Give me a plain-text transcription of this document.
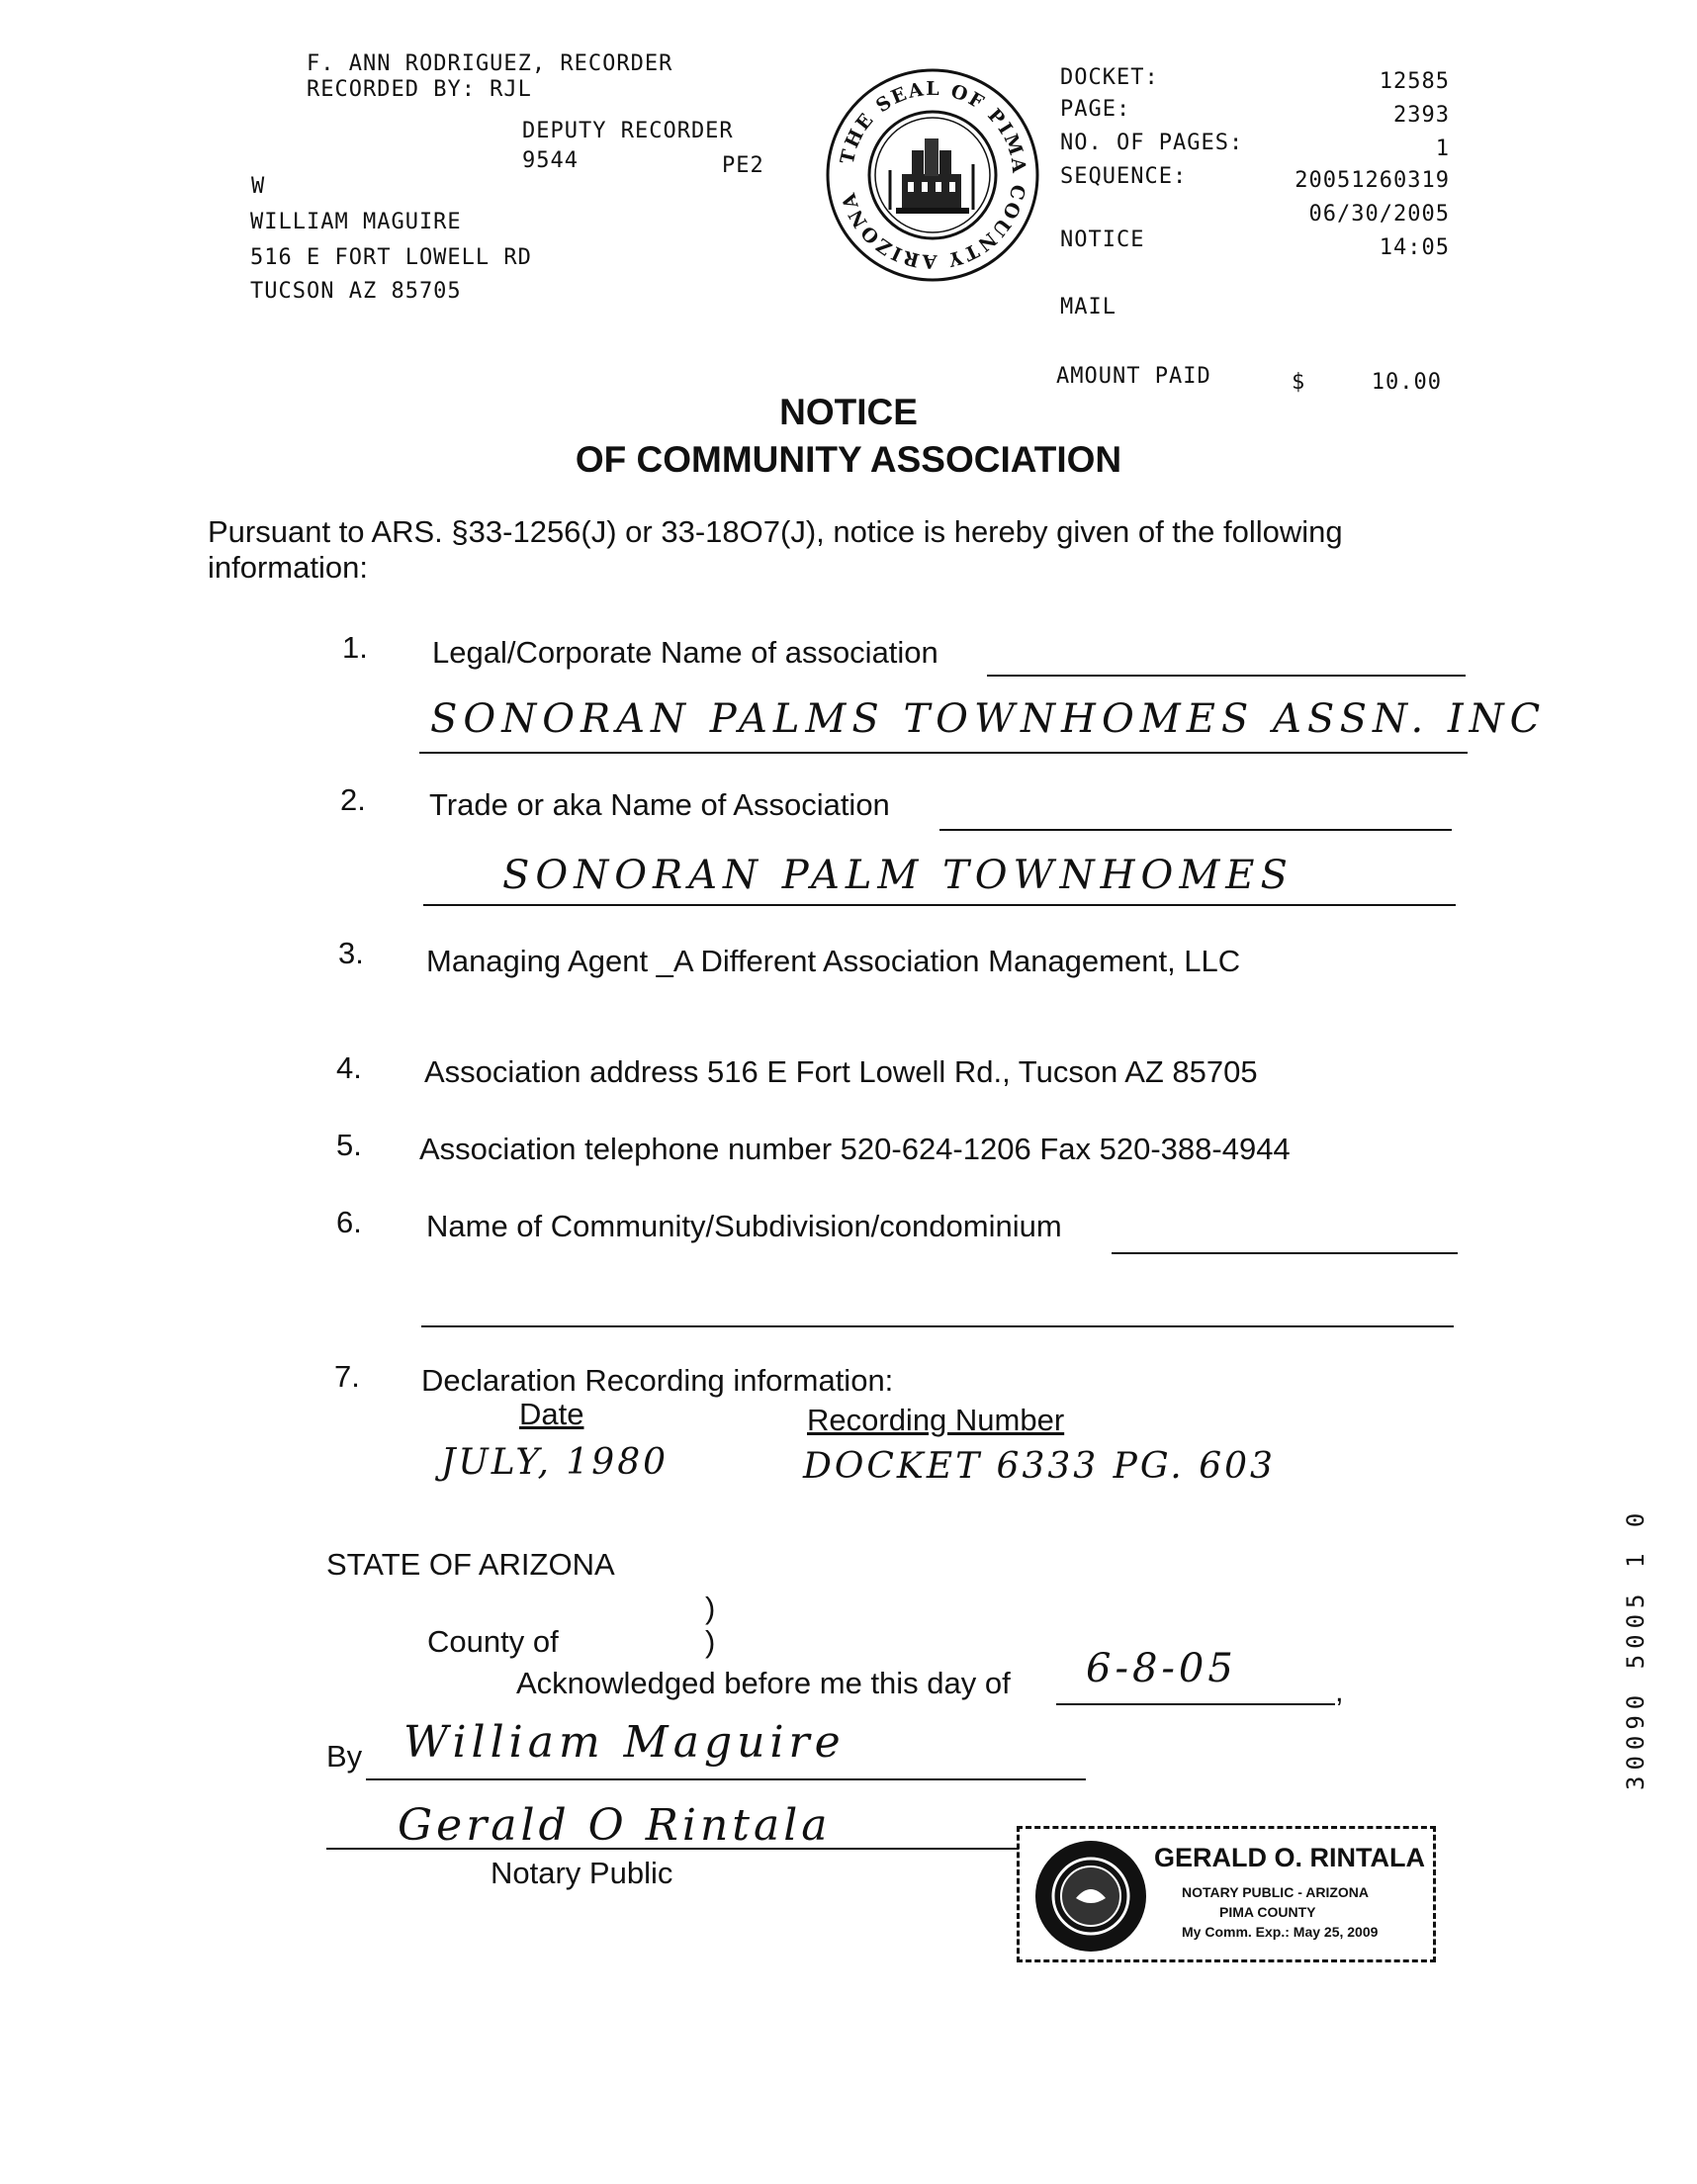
F. ANN RODRIGUEZ, RECORDER
RECORDED BY: RJL
DEPUTY RECORDER
9544	PE2
W
WILLIAM MAGUIRE
516 E FORT LOWELL RD
TUCSON AZ 85705
THE SEAL OF PIMA COUNTY ARIZONA
DOCKET:	12585
PAGE:	2393
NO. OF PAGES:	1
SEQUENCE:	20051260319
06/30/2005
NOTICE	14:05
MAIL
AMOUNT PAID	$	10.00
NOTICE
OF COMMUNITY ASSOCIATION
Pursuant to ARS. §33-1256(J) or 33-18O7(J), notice is hereby given of the following
information:
1. Legal/Corporate Name of association
SONORAN PALMS TOWNHOMES ASSN. INC
2. Trade or aka Name of Association
SONORAN PALM TOWNHOMES
3. Managing Agent _A Different Association Management, LLC
4. Association address 516 E Fort Lowell Rd., Tucson AZ 85705
5. Association telephone number 520-624-1206 Fax 520-388-4944
6. Name of Community/Subdivision/condominium
7. Declaration Recording information:
Date	Recording Number
JULY, 1980	DOCKET 6333 PG. 603
STATE OF ARIZONA
)
County of	)
Acknowledged before me this day of 6-8-05	,
By William Maguire
Gerald O Rintala
Notary Public	GERALD O. RINTALA
NOTARY PUBLIC - ARIZONA
PIMA COUNTY
My Comm. Exp.: May 25, 2009
30090 5005 1 0
